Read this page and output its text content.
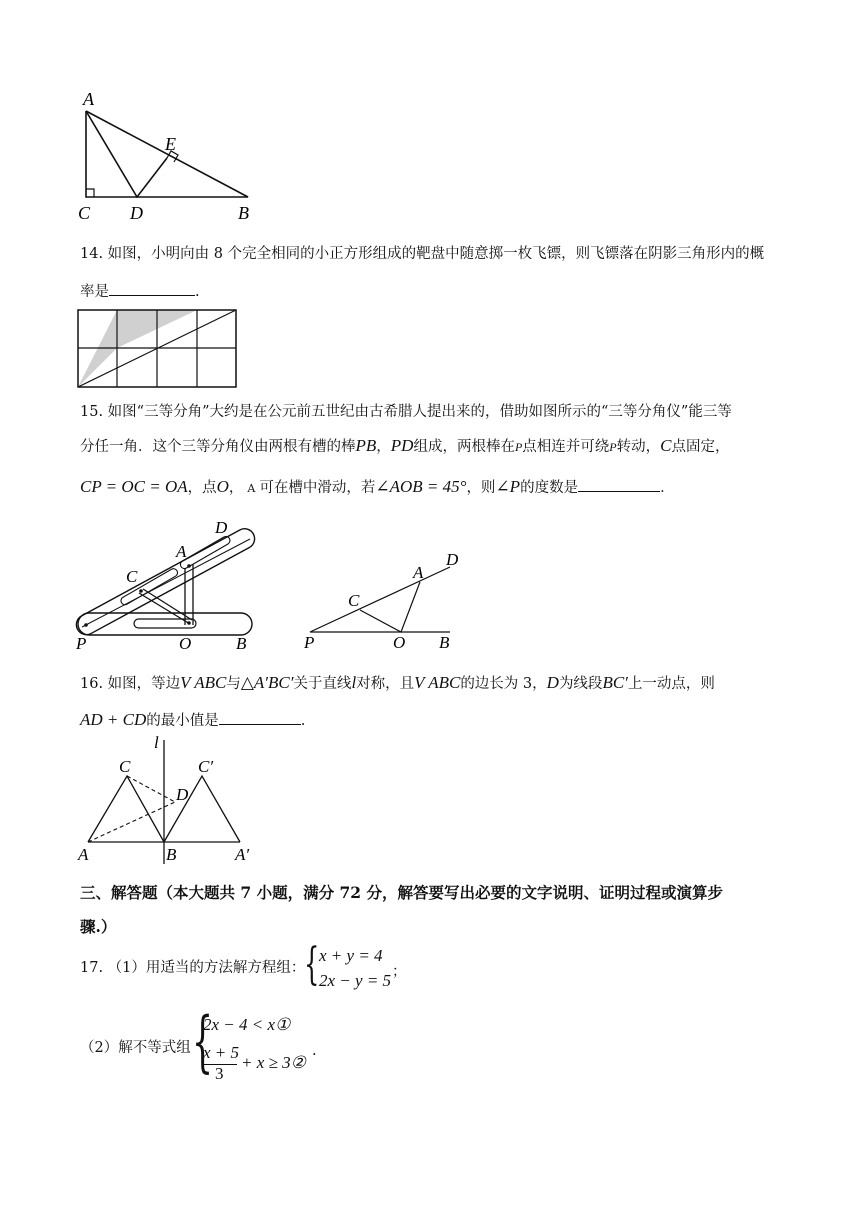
A
E
C D	B
14. 如图，小明向由 8 个完全相同的小正方形组成的靶盘中随意掷一枚飞镖，则飞镖落在阴影三角形内的概
率是	.
15. 如图“三等分角”大约是在公元前五世纪由古希腊人提出来的，借助如图所示的“三等分角仪”能三等
分任一角．这个三等分角仪由两根有槽的棒PB，PD组成，两根棒在P点相连并可绕P转动，C点固定，
CP = OC = OA，点O， A 可在槽中滑动，若∠AOB = 45°，则∠P的度数是	．
D
A
C
P	O	B
D
A
C
P	O B
16. 如图，等边V ABC与△A′BC′关于直线l对称，且V ABC的边长为 3，D为线段BC′上一动点，则
AD + CD的最小值是	.
l
C	C′
D
A	B	A′
三、解答题（本大题共 7 小题，满分 72 分，解答要写出必要的文字说明、证明过程或演算步
骤.）
17. （1）用适当的方法解方程组：
{ x + y = 4
2x − y = 5 ；
（2）解不等式组 {
2x − 4 < x①
x + 5
3
+ x ≥ 3②
.
